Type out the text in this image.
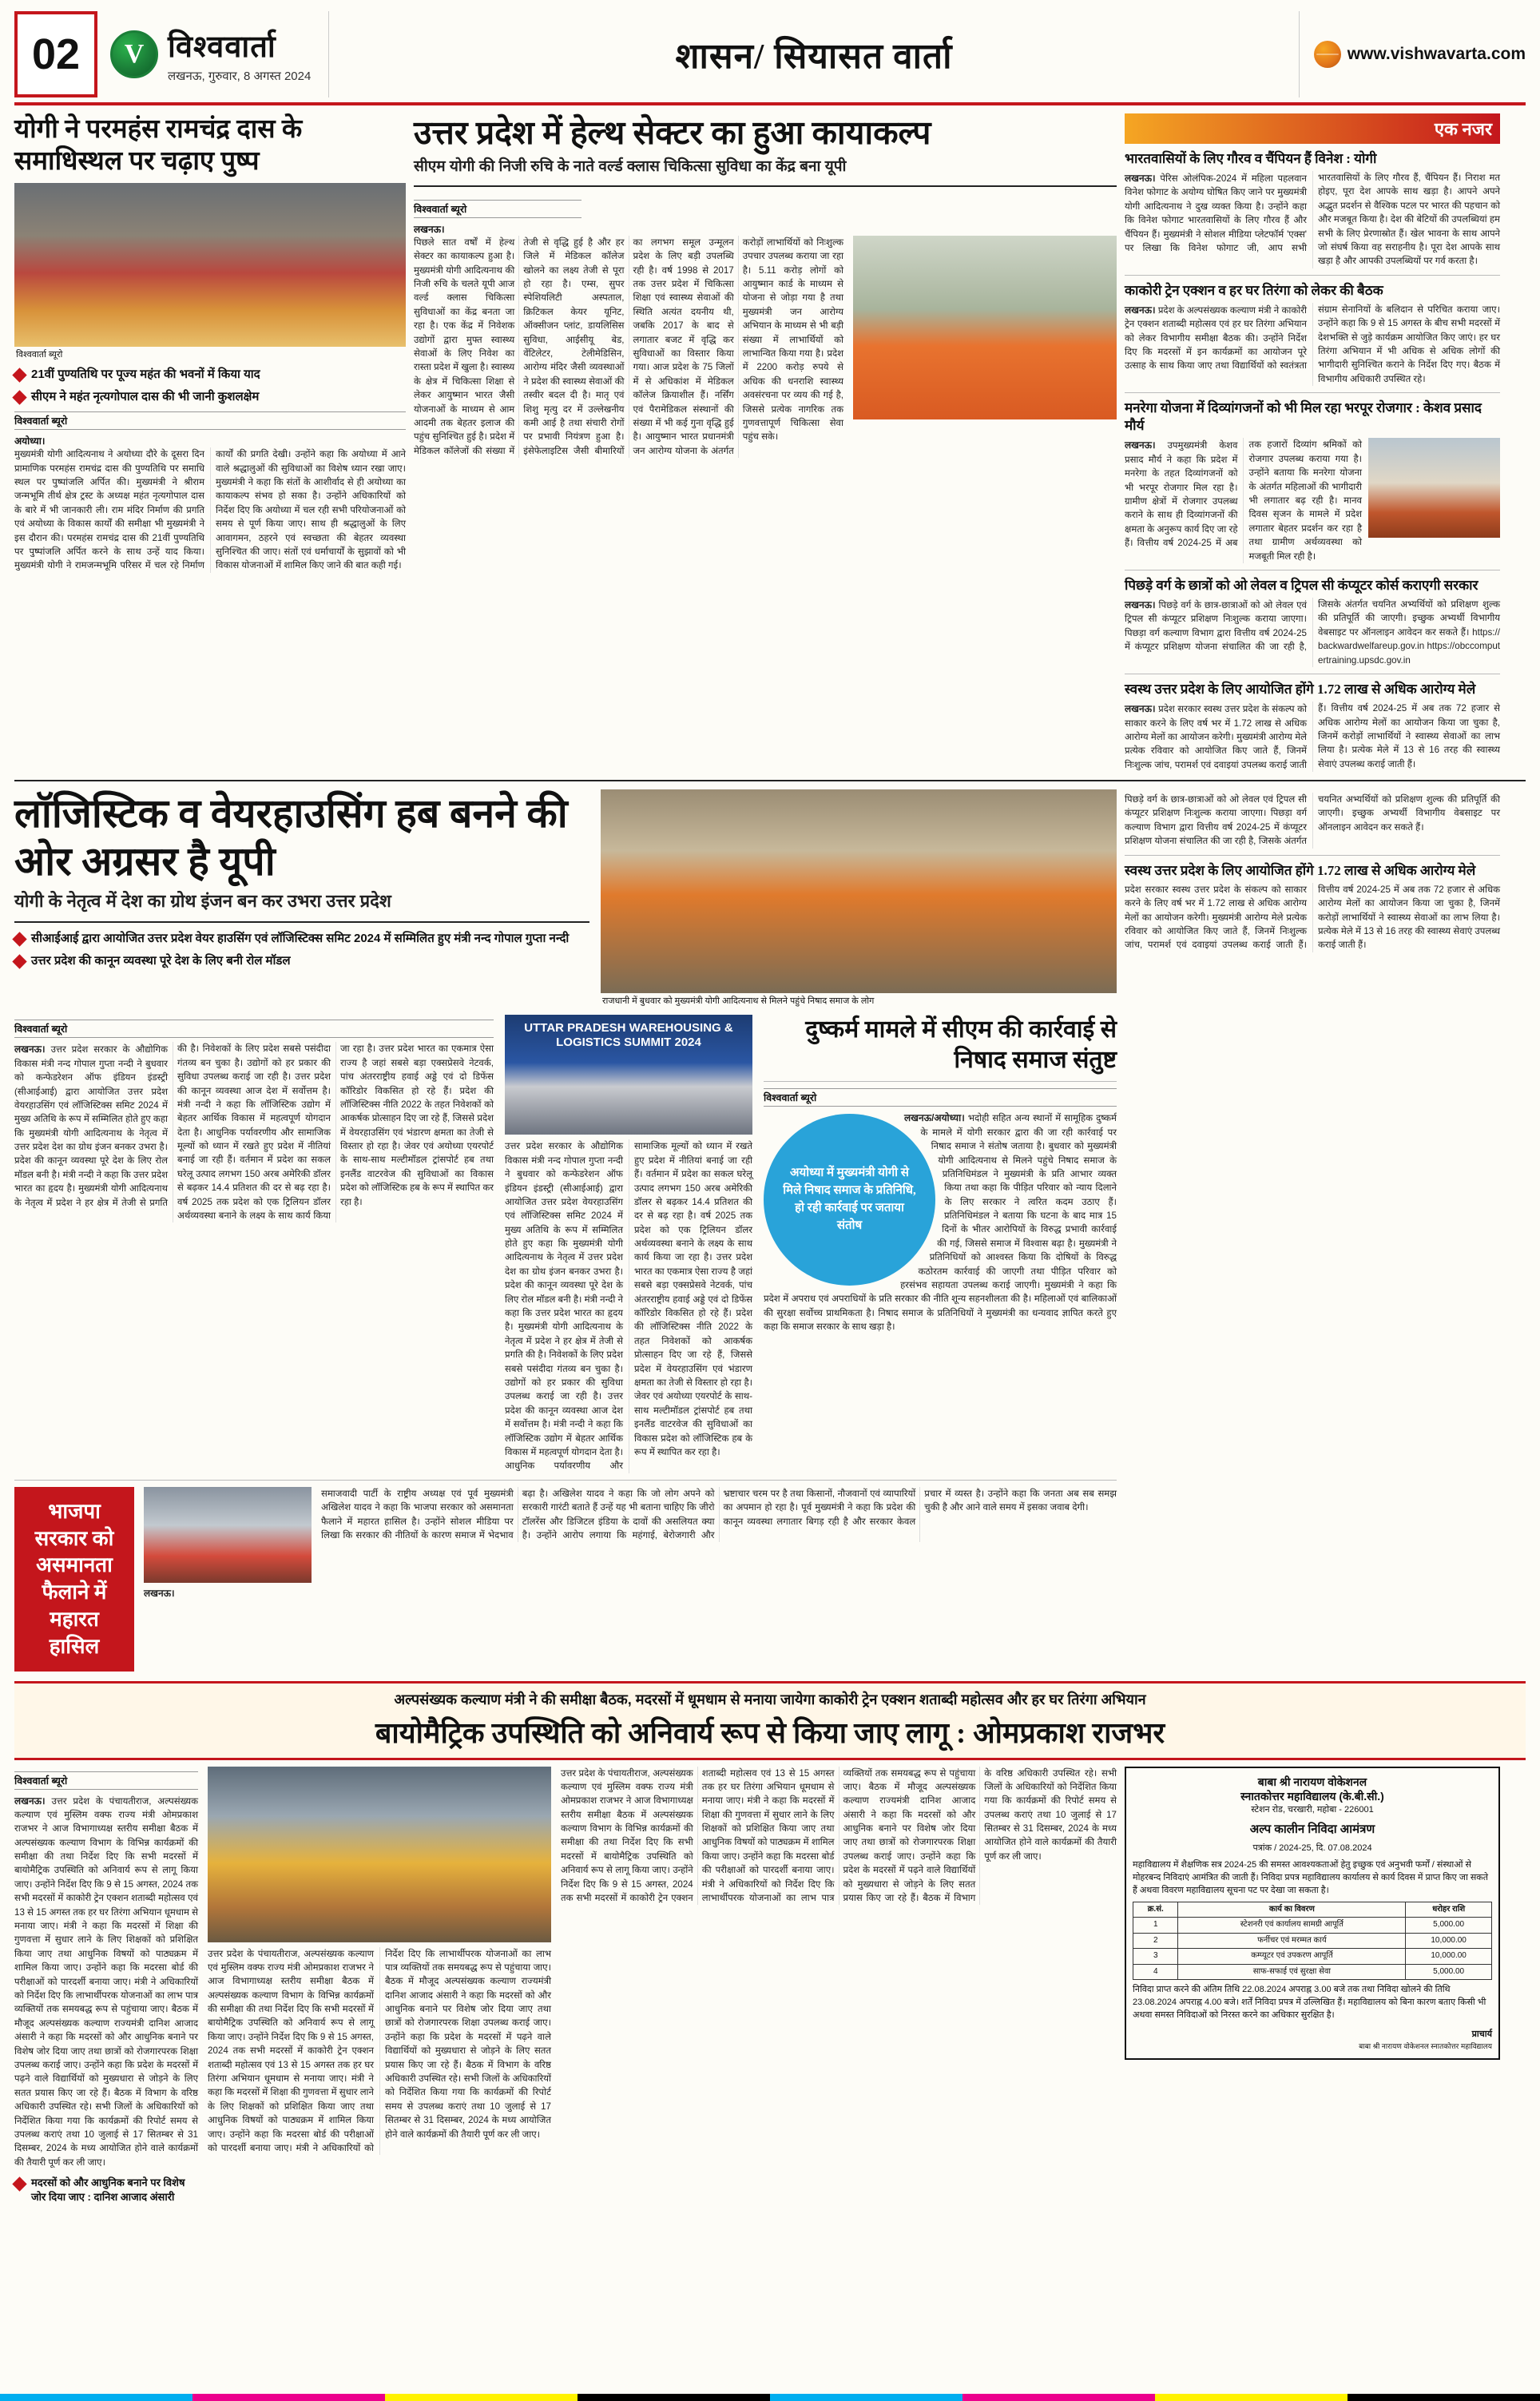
02 V	विश्ववार्ता
लखनऊ, गुरुवार, 8 अगस्त 2024
शासन/ सियासत वार्ता	www.vishwavarta.com
योगी ने परमहंस रामचंद्र दास के समाधिस्थल पर चढ़ाए पुष्प
विश्ववार्ता ब्यूरो
21वीं पुण्यतिथि पर पूज्य महंत की भवनों में किया याद
सीएम ने महंत नृत्यगोपाल दास की भी जानी कुशलक्षेम
विश्ववार्ता ब्यूरो
अयोध्या।
मुख्यमंत्री योगी आदित्यनाथ ने अयोध्या दौरे के दूसरा दिन प्रामाणिक परमहंस रामचंद्र दास की पुण्यतिथि पर समाधि स्थल पर पुष्पांजलि अर्पित की। मुख्यमंत्री ने श्रीराम जन्मभूमि तीर्थ क्षेत्र ट्रस्ट के अध्यक्ष महंत नृत्यगोपाल दास के बारे में भी जानकारी ली। राम मंदिर निर्माण की प्रगति एवं अयोध्या के विकास कार्यों की समीक्षा भी मुख्यमंत्री ने इस दौरान की। परमहंस रामचंद्र दास की 21वीं पुण्यतिथि पर पुष्पांजलि अर्पित करने के साथ उन्हें याद किया। मुख्यमंत्री योगी ने रामजन्मभूमि परिसर में चल रहे निर्माण कार्यों की प्रगति देखी। उन्होंने कहा कि अयोध्या में आने वाले श्रद्धालुओं की सुविधाओं का विशेष ध्यान रखा जाए। मुख्यमंत्री ने कहा कि संतों के आशीर्वाद से ही अयोध्या का कायाकल्प संभव हो सका है। उन्होंने अधिकारियों को निर्देश दिए कि अयोध्या में चल रही सभी परियोजनाओं को समय से पूर्ण किया जाए। साथ ही श्रद्धालुओं के लिए आवागमन, ठहरने एवं स्वच्छता की बेहतर व्यवस्था सुनिश्चित की जाए। संतों एवं धर्माचार्यों के सुझावों को भी विकास योजनाओं में शामिल किए जाने की बात कही गई।
उत्तर प्रदेश में हेल्थ सेक्टर का हुआ कायाकल्प
सीएम योगी की निजी रुचि के नाते वर्ल्ड क्लास चिकित्सा सुविधा का केंद्र बना यूपी
विश्ववार्ता ब्यूरो
लखनऊ।
पिछले सात वर्षों में हेल्थ सेक्टर का कायाकल्प हुआ है। मुख्यमंत्री योगी आदित्यनाथ की निजी रुचि के चलते यूपी आज वर्ल्ड क्लास चिकित्सा सुविधाओं का केंद्र बनता जा रहा है। एक केंद्र में निवेशक उद्योगों द्वारा मुफ्त स्वास्थ्य सेवाओं के लिए निवेश का रास्ता प्रदेश में खुला है। स्वास्थ्य के क्षेत्र में चिकित्सा शिक्षा से लेकर आयुष्मान भारत जैसी योजनाओं के माध्यम से आम आदमी तक बेहतर इलाज की पहुंच सुनिश्चित हुई है। प्रदेश में मेडिकल कॉलेजों की संख्या में तेजी से वृद्धि हुई है और हर जिले में मेडिकल कॉलेज खोलने का लक्ष्य तेजी से पूरा हो रहा है। एम्स, सुपर स्पेशियलिटी अस्पताल, क्रिटिकल केयर यूनिट, ऑक्सीजन प्लांट, डायलिसिस सुविधा, आईसीयू बेड, वेंटिलेटर, टेलीमेडिसिन, आरोग्य मंदिर जैसी व्यवस्थाओं ने प्रदेश की स्वास्थ्य सेवाओं की तस्वीर बदल दी है। मातृ एवं शिशु मृत्यु दर में उल्लेखनीय कमी आई है तथा संचारी रोगों पर प्रभावी नियंत्रण हुआ है। इंसेफेलाइटिस जैसी बीमारियों का लगभग समूल उन्मूलन प्रदेश के लिए बड़ी उपलब्धि रही है। वर्ष 1998 से 2017 तक उत्तर प्रदेश में चिकित्सा शिक्षा एवं स्वास्थ्य सेवाओं की स्थिति अत्यंत दयनीय थी, जबकि 2017 के बाद से लगातार बजट में वृद्धि कर सुविधाओं का विस्तार किया गया। आज प्रदेश के 75 जिलों में से अधिकांश में मेडिकल कॉलेज क्रियाशील हैं। नर्सिंग एवं पैरामेडिकल संस्थानों की संख्या में भी कई गुना वृद्धि हुई है। आयुष्मान भारत प्रधानमंत्री जन आरोग्य योजना के अंतर्गत करोड़ों लाभार्थियों को निःशुल्क उपचार उपलब्ध कराया जा रहा है। 5.11 करोड़ लोगों को आयुष्मान कार्ड के माध्यम से योजना से जोड़ा गया है तथा मुख्यमंत्री जन आरोग्य अभियान के माध्यम से भी बड़ी संख्या में लाभार्थियों को लाभान्वित किया गया है। प्रदेश में 2200 करोड़ रुपये से अधिक की धनराशि स्वास्थ्य अवसंरचना पर व्यय की गई है, जिससे प्रत्येक नागरिक तक गुणवत्तापूर्ण चिकित्सा सेवा पहुंच सके।
एक नजर
भारतवासियों के लिए गौरव व चैंपियन हैं विनेश : योगी
लखनऊ। पेरिस ओलंपिक-2024 में महिला पहलवान विनेश फोगाट के अयोग्य घोषित किए जाने पर मुख्यमंत्री योगी आदित्यनाथ ने दुख व्यक्त किया है। उन्होंने कहा कि विनेश फोगाट भारतवासियों के लिए गौरव हैं और चैंपियन हैं। मुख्यमंत्री ने सोशल मीडिया प्लेटफॉर्म 'एक्स' पर लिखा कि विनेश फोगाट जी, आप सभी भारतवासियों के लिए गौरव हैं, चैंपियन हैं। निराश मत होइए, पूरा देश आपके साथ खड़ा है। आपने अपने अद्भुत प्रदर्शन से वैश्विक पटल पर भारत की पहचान को और मजबूत किया है। देश की बेटियों की उपलब्धियां हम सभी के लिए प्रेरणास्रोत हैं। खेल भावना के साथ आपने जो संघर्ष किया वह सराहनीय है। पूरा देश आपके साथ खड़ा है और आपकी उपलब्धियों पर गर्व करता है।
काकोरी ट्रेन एक्शन व हर घर तिरंगा को लेकर की बैठक
लखनऊ। प्रदेश के अल्पसंख्यक कल्याण मंत्री ने काकोरी ट्रेन एक्शन शताब्दी महोत्सव एवं हर घर तिरंगा अभियान को लेकर विभागीय समीक्षा बैठक की। उन्होंने निर्देश दिए कि मदरसों में इन कार्यक्रमों का आयोजन पूरे उत्साह के साथ किया जाए तथा विद्यार्थियों को स्वतंत्रता संग्राम सेनानियों के बलिदान से परिचित कराया जाए। उन्होंने कहा कि 9 से 15 अगस्त के बीच सभी मदरसों में देशभक्ति से जुड़े कार्यक्रम आयोजित किए जाएं। हर घर तिरंगा अभियान में भी अधिक से अधिक लोगों की भागीदारी सुनिश्चित कराने के निर्देश दिए गए। बैठक में विभागीय अधिकारी उपस्थित रहे।
मनरेगा योजना में दिव्यांगजनों को भी मिल रहा भरपूर रोजगार : केशव प्रसाद मौर्य
लखनऊ। उपमुख्यमंत्री केशव प्रसाद मौर्य ने कहा कि प्रदेश में मनरेगा के तहत दिव्यांगजनों को भी भरपूर रोजगार मिल रहा है। ग्रामीण क्षेत्रों में रोजगार उपलब्ध कराने के साथ ही दिव्यांगजनों की क्षमता के अनुरूप कार्य दिए जा रहे हैं। वित्तीय वर्ष 2024-25 में अब तक हजारों दिव्यांग श्रमिकों को रोजगार उपलब्ध कराया गया है। उन्होंने बताया कि मनरेगा योजना के अंतर्गत महिलाओं की भागीदारी भी लगातार बढ़ रही है। मानव दिवस सृजन के मामले में प्रदेश लगातार बेहतर प्रदर्शन कर रहा है तथा ग्रामीण अर्थव्यवस्था को मजबूती मिल रही है।
पिछड़े वर्ग के छात्रों को ओ लेवल व ट्रिपल सी कंप्यूटर कोर्स कराएगी सरकार
लखनऊ। पिछड़े वर्ग के छात्र-छात्राओं को ओ लेवल एवं ट्रिपल सी कंप्यूटर प्रशिक्षण निःशुल्क कराया जाएगा। पिछड़ा वर्ग कल्याण विभाग द्वारा वित्तीय वर्ष 2024-25 में कंप्यूटर प्रशिक्षण योजना संचालित की जा रही है, जिसके अंतर्गत चयनित अभ्यर्थियों को प्रशिक्षण शुल्क की प्रतिपूर्ति की जाएगी। इच्छुक अभ्यर्थी विभागीय वेबसाइट पर ऑनलाइन आवेदन कर सकते हैं। https://backwardwelfareup.gov.in https://obccomputertraining.upsdc.gov.in
स्वस्थ उत्तर प्रदेश के लिए आयोजित होंगे 1.72 लाख से अधिक आरोग्य मेले
लखनऊ। प्रदेश सरकार स्वस्थ उत्तर प्रदेश के संकल्प को साकार करने के लिए वर्ष भर में 1.72 लाख से अधिक आरोग्य मेलों का आयोजन करेगी। मुख्यमंत्री आरोग्य मेले प्रत्येक रविवार को आयोजित किए जाते हैं, जिनमें निःशुल्क जांच, परामर्श एवं दवाइयां उपलब्ध कराई जाती हैं। वित्तीय वर्ष 2024-25 में अब तक 72 हजार से अधिक आरोग्य मेलों का आयोजन किया जा चुका है, जिनमें करोड़ों लाभार्थियों ने स्वास्थ्य सेवाओं का लाभ लिया है। प्रत्येक मेले में 13 से 16 तरह की स्वास्थ्य सेवाएं उपलब्ध कराई जाती हैं।
लॉजिस्टिक व वेयरहाउसिंग हब बनने की ओर अग्रसर है यूपी
योगी के नेतृत्व में देश का ग्रोथ इंजन बन कर उभरा उत्तर प्रदेश
सीआईआई द्वारा आयोजित उत्तर प्रदेश वेयर हाउसिंग एवं लॉजिस्टिक्स समिट 2024 में सम्मिलित हुए मंत्री नन्द गोपाल गुप्ता नन्दी
उत्तर प्रदेश की कानून व्यवस्था पूरे देश के लिए बनी रोल मॉडल
राजधानी में बुधवार को मुख्यमंत्री योगी आदित्यनाथ से मिलने पहुंचे निषाद समाज के लोग
विश्ववार्ता ब्यूरो
लखनऊ। उत्तर प्रदेश सरकार के औद्योगिक विकास मंत्री नन्द गोपाल गुप्ता नन्दी ने बुधवार को कन्फेडरेशन ऑफ इंडियन इंडस्ट्री (सीआईआई) द्वारा आयोजित उत्तर प्रदेश वेयरहाउसिंग एवं लॉजिस्टिक्स समिट 2024 में मुख्य अतिथि के रूप में सम्मिलित होते हुए कहा कि मुख्यमंत्री योगी आदित्यनाथ के नेतृत्व में उत्तर प्रदेश देश का ग्रोथ इंजन बनकर उभरा है। प्रदेश की कानून व्यवस्था पूरे देश के लिए रोल मॉडल बनी है। मंत्री नन्दी ने कहा कि उत्तर प्रदेश भारत का हृदय है। मुख्यमंत्री योगी आदित्यनाथ के नेतृत्व में प्रदेश ने हर क्षेत्र में तेजी से प्रगति की है। निवेशकों के लिए प्रदेश सबसे पसंदीदा गंतव्य बन चुका है। उद्योगों को हर प्रकार की सुविधा उपलब्ध कराई जा रही है। उत्तर प्रदेश की कानून व्यवस्था आज देश में सर्वोत्तम है। मंत्री नन्दी ने कहा कि लॉजिस्टिक उद्योग में बेहतर आर्थिक विकास में महत्वपूर्ण योगदान देता है। आधुनिक पर्यावरणीय और सामाजिक मूल्यों को ध्यान में रखते हुए प्रदेश में नीतियां बनाई जा रही हैं। वर्तमान में प्रदेश का सकल घरेलू उत्पाद लगभग 150 अरब अमेरिकी डॉलर से बढ़कर 14.4 प्रतिशत की दर से बढ़ रहा है। वर्ष 2025 तक प्रदेश को एक ट्रिलियन डॉलर अर्थव्यवस्था बनाने के लक्ष्य के साथ कार्य किया जा रहा है। उत्तर प्रदेश भारत का एकमात्र ऐसा राज्य है जहां सबसे बड़ा एक्सप्रेसवे नेटवर्क, पांच अंतरराष्ट्रीय हवाई अड्डे एवं दो डिफेंस कॉरिडोर विकसित हो रहे हैं। प्रदेश की लॉजिस्टिक्स नीति 2022 के तहत निवेशकों को आकर्षक प्रोत्साहन दिए जा रहे हैं, जिससे प्रदेश में वेयरहाउसिंग एवं भंडारण क्षमता का तेजी से विस्तार हो रहा है। जेवर एवं अयोध्या एयरपोर्ट के साथ-साथ मल्टीमॉडल ट्रांसपोर्ट हब तथा इनलैंड वाटरवेज की सुविधाओं का विकास प्रदेश को लॉजिस्टिक हब के रूप में स्थापित कर रहा है।
UTTAR PRADESH WAREHOUSING & LOGISTICS SUMMIT 2024
उत्तर प्रदेश सरकार के औद्योगिक विकास मंत्री नन्द गोपाल गुप्ता नन्दी ने बुधवार को कन्फेडरेशन ऑफ इंडियन इंडस्ट्री (सीआईआई) द्वारा आयोजित उत्तर प्रदेश वेयरहाउसिंग एवं लॉजिस्टिक्स समिट 2024 में मुख्य अतिथि के रूप में सम्मिलित होते हुए कहा कि मुख्यमंत्री योगी आदित्यनाथ के नेतृत्व में उत्तर प्रदेश देश का ग्रोथ इंजन बनकर उभरा है। प्रदेश की कानून व्यवस्था पूरे देश के लिए रोल मॉडल बनी है। मंत्री नन्दी ने कहा कि उत्तर प्रदेश भारत का हृदय है। मुख्यमंत्री योगी आदित्यनाथ के नेतृत्व में प्रदेश ने हर क्षेत्र में तेजी से प्रगति की है। निवेशकों के लिए प्रदेश सबसे पसंदीदा गंतव्य बन चुका है। उद्योगों को हर प्रकार की सुविधा उपलब्ध कराई जा रही है। उत्तर प्रदेश की कानून व्यवस्था आज देश में सर्वोत्तम है। मंत्री नन्दी ने कहा कि लॉजिस्टिक उद्योग में बेहतर आर्थिक विकास में महत्वपूर्ण योगदान देता है। आधुनिक पर्यावरणीय और सामाजिक मूल्यों को ध्यान में रखते हुए प्रदेश में नीतियां बनाई जा रही हैं। वर्तमान में प्रदेश का सकल घरेलू उत्पाद लगभग 150 अरब अमेरिकी डॉलर से बढ़कर 14.4 प्रतिशत की दर से बढ़ रहा है। वर्ष 2025 तक प्रदेश को एक ट्रिलियन डॉलर अर्थव्यवस्था बनाने के लक्ष्य के साथ कार्य किया जा रहा है। उत्तर प्रदेश भारत का एकमात्र ऐसा राज्य है जहां सबसे बड़ा एक्सप्रेसवे नेटवर्क, पांच अंतरराष्ट्रीय हवाई अड्डे एवं दो डिफेंस कॉरिडोर विकसित हो रहे हैं। प्रदेश की लॉजिस्टिक्स नीति 2022 के तहत निवेशकों को आकर्षक प्रोत्साहन दिए जा रहे हैं, जिससे प्रदेश में वेयरहाउसिंग एवं भंडारण क्षमता का तेजी से विस्तार हो रहा है। जेवर एवं अयोध्या एयरपोर्ट के साथ-साथ मल्टीमॉडल ट्रांसपोर्ट हब तथा इनलैंड वाटरवेज की सुविधाओं का विकास प्रदेश को लॉजिस्टिक हब के रूप में स्थापित कर रहा है।
दुष्कर्म मामले में सीएम की कार्रवाई से निषाद समाज संतुष्ट
विश्ववार्ता ब्यूरो
अयोध्या में मुख्यमंत्री योगी से मिले निषाद समाज के प्रतिनिधि, हो रही कार्रवाई पर जताया संतोष
लखनऊ/अयोध्या। भदोही सहित अन्य स्थानों में सामूहिक दुष्कर्म के मामले में योगी सरकार द्वारा की जा रही कार्रवाई पर निषाद समाज ने संतोष जताया है। बुधवार को मुख्यमंत्री योगी आदित्यनाथ से मिलने पहुंचे निषाद समाज के प्रतिनिधिमंडल ने मुख्यमंत्री के प्रति आभार व्यक्त किया तथा कहा कि पीड़ित परिवार को न्याय दिलाने के लिए सरकार ने त्वरित कदम उठाए हैं। प्रतिनिधिमंडल ने बताया कि घटना के बाद मात्र 15 दिनों के भीतर आरोपियों के विरुद्ध प्रभावी कार्रवाई की गई, जिससे समाज में विश्वास बढ़ा है। मुख्यमंत्री ने प्रतिनिधियों को आश्वस्त किया कि दोषियों के विरुद्ध कठोरतम कार्रवाई की जाएगी तथा पीड़ित परिवार को हरसंभव सहायता उपलब्ध कराई जाएगी। मुख्यमंत्री ने कहा कि प्रदेश में अपराध एवं अपराधियों के प्रति सरकार की नीति शून्य सहनशीलता की है। महिलाओं एवं बालिकाओं की सुरक्षा सर्वोच्च प्राथमिकता है। निषाद समाज के प्रतिनिधियों ने मुख्यमंत्री का धन्यवाद ज्ञापित करते हुए कहा कि समाज सरकार के साथ खड़ा है।
भाजपा सरकार को असमानता फैलाने में महारत हासिल
लखनऊ।
समाजवादी पार्टी के राष्ट्रीय अध्यक्ष एवं पूर्व मुख्यमंत्री अखिलेश यादव ने कहा कि भाजपा सरकार को असमानता फैलाने में महारत हासिल है। उन्होंने सोशल मीडिया पर लिखा कि सरकार की नीतियों के कारण समाज में भेदभाव बढ़ा है। अखिलेश यादव ने कहा कि जो लोग अपने को सरकारी गारंटी बताते हैं उन्हें यह भी बताना चाहिए कि जीरो टॉलरेंस और डिजिटल इंडिया के दावों की असलियत क्या है। उन्होंने आरोप लगाया कि महंगाई, बेरोजगारी और भ्रष्टाचार चरम पर है तथा किसानों, नौजवानों एवं व्यापारियों का अपमान हो रहा है। पूर्व मुख्यमंत्री ने कहा कि प्रदेश की कानून व्यवस्था लगातार बिगड़ रही है और सरकार केवल प्रचार में व्यस्त है। उन्होंने कहा कि जनता अब सब समझ चुकी है और आने वाले समय में इसका जवाब देगी।
पिछड़े वर्ग के छात्र-छात्राओं को ओ लेवल एवं ट्रिपल सी कंप्यूटर प्रशिक्षण निःशुल्क कराया जाएगा। पिछड़ा वर्ग कल्याण विभाग द्वारा वित्तीय वर्ष 2024-25 में कंप्यूटर प्रशिक्षण योजना संचालित की जा रही है, जिसके अंतर्गत चयनित अभ्यर्थियों को प्रशिक्षण शुल्क की प्रतिपूर्ति की जाएगी। इच्छुक अभ्यर्थी विभागीय वेबसाइट पर ऑनलाइन आवेदन कर सकते हैं।
स्वस्थ उत्तर प्रदेश के लिए आयोजित होंगे 1.72 लाख से अधिक आरोग्य मेले
प्रदेश सरकार स्वस्थ उत्तर प्रदेश के संकल्प को साकार करने के लिए वर्ष भर में 1.72 लाख से अधिक आरोग्य मेलों का आयोजन करेगी। मुख्यमंत्री आरोग्य मेले प्रत्येक रविवार को आयोजित किए जाते हैं, जिनमें निःशुल्क जांच, परामर्श एवं दवाइयां उपलब्ध कराई जाती हैं। वित्तीय वर्ष 2024-25 में अब तक 72 हजार से अधिक आरोग्य मेलों का आयोजन किया जा चुका है, जिनमें करोड़ों लाभार्थियों ने स्वास्थ्य सेवाओं का लाभ लिया है। प्रत्येक मेले में 13 से 16 तरह की स्वास्थ्य सेवाएं उपलब्ध कराई जाती हैं।
अल्पसंख्यक कल्याण मंत्री ने की समीक्षा बैठक, मदरसों में धूमधाम से मनाया जायेगा काकोरी ट्रेन एक्शन शताब्दी महोत्सव और हर घर तिरंगा अभियान
बायोमैट्रिक उपस्थिति को अनिवार्य रूप से किया जाए लागू : ओमप्रकाश राजभर
विश्ववार्ता ब्यूरो
लखनऊ। उत्तर प्रदेश के पंचायतीराज, अल्पसंख्यक कल्याण एवं मुस्लिम वक्फ राज्य मंत्री ओमप्रकाश राजभर ने आज विभागाध्यक्ष स्तरीय समीक्षा बैठक में अल्पसंख्यक कल्याण विभाग के विभिन्न कार्यक्रमों की समीक्षा की तथा निर्देश दिए कि सभी मदरसों में बायोमैट्रिक उपस्थिति को अनिवार्य रूप से लागू किया जाए। उन्होंने निर्देश दिए कि 9 से 15 अगस्त, 2024 तक सभी मदरसों में काकोरी ट्रेन एक्शन शताब्दी महोत्सव एवं 13 से 15 अगस्त तक हर घर तिरंगा अभियान धूमधाम से मनाया जाए। मंत्री ने कहा कि मदरसों में शिक्षा की गुणवत्ता में सुधार लाने के लिए शिक्षकों को प्रशिक्षित किया जाए तथा आधुनिक विषयों को पाठ्यक्रम में शामिल किया जाए। उन्होंने कहा कि मदरसा बोर्ड की परीक्षाओं को पारदर्शी बनाया जाए। मंत्री ने अधिकारियों को निर्देश दिए कि लाभार्थीपरक योजनाओं का लाभ पात्र व्यक्तियों तक समयबद्ध रूप से पहुंचाया जाए। बैठक में मौजूद अल्पसंख्यक कल्याण राज्यमंत्री दानिश आजाद अंसारी ने कहा कि मदरसों को और आधुनिक बनाने पर विशेष जोर दिया जाए तथा छात्रों को रोजगारपरक शिक्षा उपलब्ध कराई जाए। उन्होंने कहा कि प्रदेश के मदरसों में पढ़ने वाले विद्यार्थियों को मुख्यधारा से जोड़ने के लिए सतत प्रयास किए जा रहे हैं। बैठक में विभाग के वरिष्ठ अधिकारी उपस्थित रहे। सभी जिलों के अधिकारियों को निर्देशित किया गया कि कार्यक्रमों की रिपोर्ट समय से उपलब्ध कराएं तथा 10 जुलाई से 17 सितम्बर से 31 दिसम्बर, 2024 के मध्य आयोजित होने वाले कार्यक्रमों की तैयारी पूर्ण कर ली जाए।
मदरसों को और आधुनिक बनाने पर विशेष जोर दिया जाए : दानिश आजाद अंसारी
उत्तर प्रदेश के पंचायतीराज, अल्पसंख्यक कल्याण एवं मुस्लिम वक्फ राज्य मंत्री ओमप्रकाश राजभर ने आज विभागाध्यक्ष स्तरीय समीक्षा बैठक में अल्पसंख्यक कल्याण विभाग के विभिन्न कार्यक्रमों की समीक्षा की तथा निर्देश दिए कि सभी मदरसों में बायोमैट्रिक उपस्थिति को अनिवार्य रूप से लागू किया जाए। उन्होंने निर्देश दिए कि 9 से 15 अगस्त, 2024 तक सभी मदरसों में काकोरी ट्रेन एक्शन शताब्दी महोत्सव एवं 13 से 15 अगस्त तक हर घर तिरंगा अभियान धूमधाम से मनाया जाए। मंत्री ने कहा कि मदरसों में शिक्षा की गुणवत्ता में सुधार लाने के लिए शिक्षकों को प्रशिक्षित किया जाए तथा आधुनिक विषयों को पाठ्यक्रम में शामिल किया जाए। उन्होंने कहा कि मदरसा बोर्ड की परीक्षाओं को पारदर्शी बनाया जाए। मंत्री ने अधिकारियों को निर्देश दिए कि लाभार्थीपरक योजनाओं का लाभ पात्र व्यक्तियों तक समयबद्ध रूप से पहुंचाया जाए। बैठक में मौजूद अल्पसंख्यक कल्याण राज्यमंत्री दानिश आजाद अंसारी ने कहा कि मदरसों को और आधुनिक बनाने पर विशेष जोर दिया जाए तथा छात्रों को रोजगारपरक शिक्षा उपलब्ध कराई जाए। उन्होंने कहा कि प्रदेश के मदरसों में पढ़ने वाले विद्यार्थियों को मुख्यधारा से जोड़ने के लिए सतत प्रयास किए जा रहे हैं। बैठक में विभाग के वरिष्ठ अधिकारी उपस्थित रहे। सभी जिलों के अधिकारियों को निर्देशित किया गया कि कार्यक्रमों की रिपोर्ट समय से उपलब्ध कराएं तथा 10 जुलाई से 17 सितम्बर से 31 दिसम्बर, 2024 के मध्य आयोजित होने वाले कार्यक्रमों की तैयारी पूर्ण कर ली जाए।
उत्तर प्रदेश के पंचायतीराज, अल्पसंख्यक कल्याण एवं मुस्लिम वक्फ राज्य मंत्री ओमप्रकाश राजभर ने आज विभागाध्यक्ष स्तरीय समीक्षा बैठक में अल्पसंख्यक कल्याण विभाग के विभिन्न कार्यक्रमों की समीक्षा की तथा निर्देश दिए कि सभी मदरसों में बायोमैट्रिक उपस्थिति को अनिवार्य रूप से लागू किया जाए। उन्होंने निर्देश दिए कि 9 से 15 अगस्त, 2024 तक सभी मदरसों में काकोरी ट्रेन एक्शन शताब्दी महोत्सव एवं 13 से 15 अगस्त तक हर घर तिरंगा अभियान धूमधाम से मनाया जाए। मंत्री ने कहा कि मदरसों में शिक्षा की गुणवत्ता में सुधार लाने के लिए शिक्षकों को प्रशिक्षित किया जाए तथा आधुनिक विषयों को पाठ्यक्रम में शामिल किया जाए। उन्होंने कहा कि मदरसा बोर्ड की परीक्षाओं को पारदर्शी बनाया जाए। मंत्री ने अधिकारियों को निर्देश दिए कि लाभार्थीपरक योजनाओं का लाभ पात्र व्यक्तियों तक समयबद्ध रूप से पहुंचाया जाए। बैठक में मौजूद अल्पसंख्यक कल्याण राज्यमंत्री दानिश आजाद अंसारी ने कहा कि मदरसों को और आधुनिक बनाने पर विशेष जोर दिया जाए तथा छात्रों को रोजगारपरक शिक्षा उपलब्ध कराई जाए। उन्होंने कहा कि प्रदेश के मदरसों में पढ़ने वाले विद्यार्थियों को मुख्यधारा से जोड़ने के लिए सतत प्रयास किए जा रहे हैं। बैठक में विभाग के वरिष्ठ अधिकारी उपस्थित रहे। सभी जिलों के अधिकारियों को निर्देशित किया गया कि कार्यक्रमों की रिपोर्ट समय से उपलब्ध कराएं तथा 10 जुलाई से 17 सितम्बर से 31 दिसम्बर, 2024 के मध्य आयोजित होने वाले कार्यक्रमों की तैयारी पूर्ण कर ली जाए।
बाबा श्री नारायण वोकेशनल
स्नातकोत्तर महाविद्यालय (के.बी.सी.)
स्टेशन रोड, चरखारी, महोबा - 226001
अल्प कालीन निविदा आमंत्रण
पत्रांक / 2024-25, दि. 07.08.2024
महाविद्यालय में शैक्षणिक सत्र 2024-25 की समस्त आवश्यकताओं हेतु इच्छुक एवं अनुभवी फर्मों / संस्थाओं से मोहरबन्द निविदाएं आमंत्रित की जाती हैं। निविदा प्रपत्र महाविद्यालय कार्यालय से कार्य दिवस में प्राप्त किए जा सकते हैं अथवा विवरण महाविद्यालय सूचना पट पर देखा जा सकता है।
क्र.सं.	कार्य का विवरण	धरोहर राशि
1	स्टेशनरी एवं कार्यालय सामग्री आपूर्ति	5,000.00
2	फर्नीचर एवं मरम्मत कार्य	10,000.00
3	कम्प्यूटर एवं उपकरण आपूर्ति	10,000.00
4	साफ-सफाई एवं सुरक्षा सेवा	5,000.00
निविदा प्राप्त करने की अंतिम तिथि 22.08.2024 अपराह्न 3.00 बजे तक तथा निविदा खोलने की तिथि 23.08.2024 अपराह्न 4.00 बजे। शर्तें निविदा प्रपत्र में उल्लिखित हैं। महाविद्यालय को बिना कारण बताए किसी भी अथवा समस्त निविदाओं को निरस्त करने का अधिकार सुरक्षित है।
प्राचार्य
बाबा श्री नारायण वोकेशनल स्नातकोत्तर महाविद्यालय
